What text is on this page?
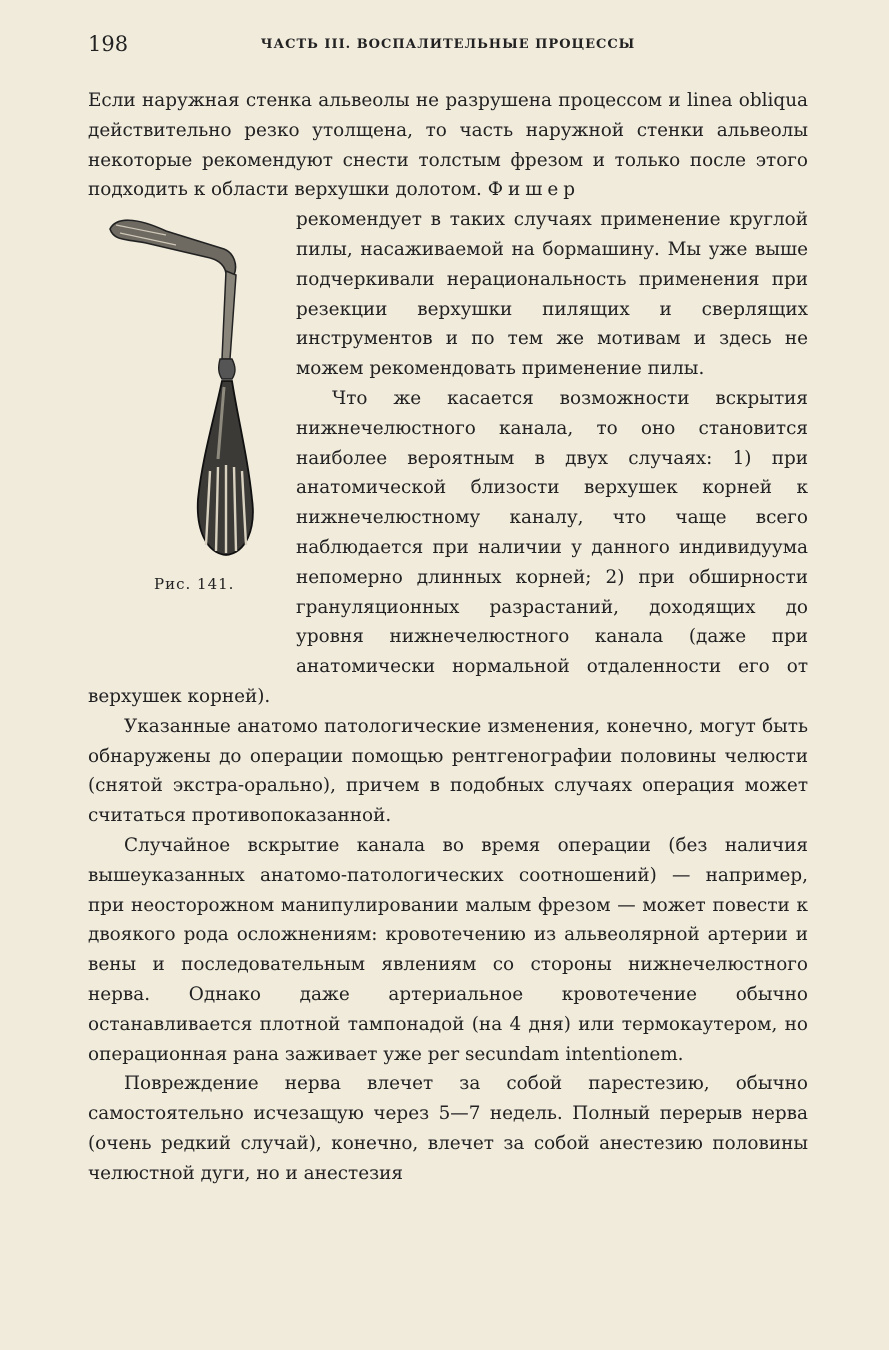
198	ЧАСТЬ III. ВОСПАЛИТЕЛЬНЫЕ ПРОЦЕССЫ

Если наружная стенка альвеолы не разрушена процессом и linea obliqua действительно резко утолщена, то часть наружной стенки альвеолы некоторые рекомендуют снести толстым фрезом и только после этого подходить к области верхушки долотом. Фишер

Рис. 141.

рекомендует в таких случаях применение круглой пилы, насаживаемой на бормашину. Мы уже выше подчеркивали нерациональность применения при резекции верхушки пилящих и сверлящих инструментов и по тем же мотивам и здесь не можем рекомендовать применение пилы.

Что же касается возможности вскрытия нижнечелюстного канала, то оно становится наиболее вероятным в двух случаях: 1) при анатомической близости верхушек корней к нижнечелюстному каналу, что чаще всего наблюдается при наличии у данного индивидуума непомерно длинных корней; 2) при обширности грануляционных разрастаний, доходящих до уровня нижнечелюстного канала (даже при анатомически нормальной отдаленности его от верхушек корней).

Указанные анатомо патологические изменения, конечно, могут быть обнаружены до операции помощью рентгенографии половины челюсти (снятой экстра-орально), причем в подобных случаях операция может считаться противопоказанной.

Случайное вскрытие канала во время операции (без наличия вышеуказанных анатомо-патологических соотношений) — например, при неосторожном манипулировании малым фрезом — может повести к двоякого рода осложнениям: кровотечению из альвеолярной артерии и вены и последовательным явлениям со стороны нижнечелюстного нерва. Однако даже артериальное кровотечение обычно останавливается плотной тампонадой (на 4 дня) или термокаутером, но операционная рана заживает уже per secundam intentionem.

Повреждение нерва влечет за собой парестезию, обычно самостоятельно исчезащую через 5—7 недель. Полный перерыв нерва (очень редкий случай), конечно, влечет за собой анестезию половины челюстной дуги, но и анестезия
